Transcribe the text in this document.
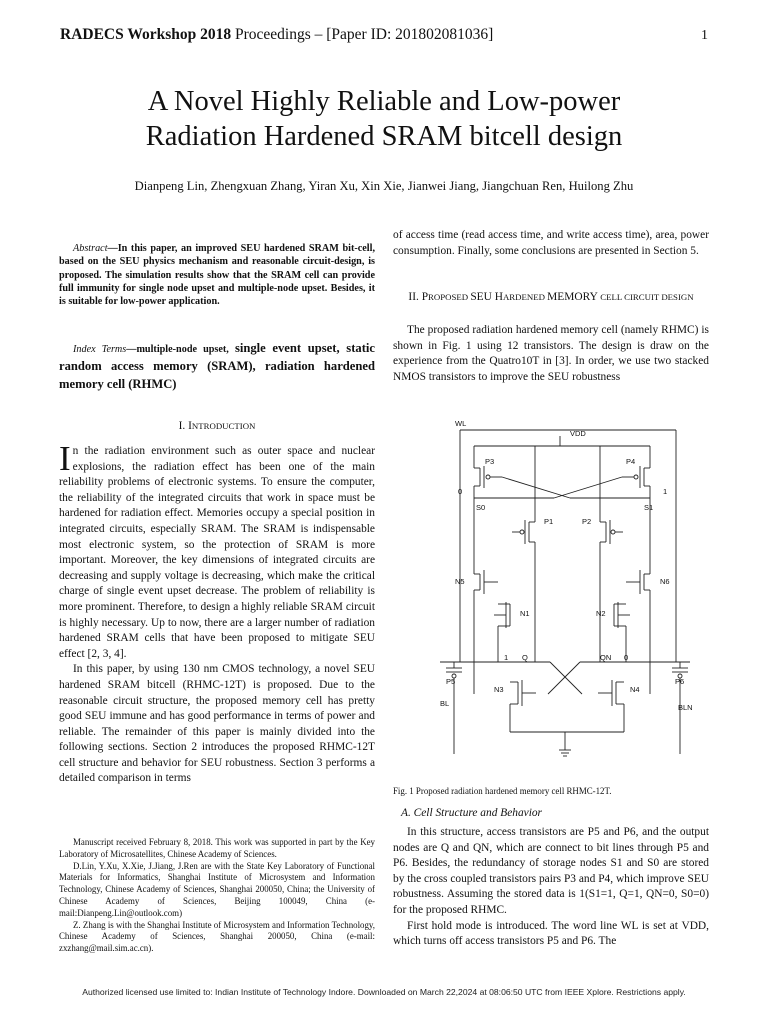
RADECS Workshop 2018 Proceedings – [Paper ID: 201802081036]	1
A Novel Highly Reliable and Low-power
Radiation Hardened SRAM bitcell design
Dianpeng Lin, Zhengxuan Zhang, Yiran Xu, Xin Xie, Jianwei Jiang, Jiangchuan Ren, Huilong Zhu
Abstract—In this paper, an improved SEU hardened SRAM bit-cell, based on the SEU physics mechanism and reasonable circuit-design, is proposed. The simulation results show that the SRAM cell can provide full immunity for single node upset and multiple-node upset. Besides, it is suitable for low-power application.
Index Terms—multiple-node upset, single event upset, static random access memory (SRAM), radiation hardened memory cell (RHMC)
I. INTRODUCTION

In the radiation environment such as outer space and nuclear explosions, the radiation effect has been one of the main reliability problems of electronic systems. To ensure the computer, the reliability of the integrated circuits that work in space must be hardened for radiation effect. Memories occupy a special position in integrated circuits, especially SRAM. The SRAM is indispensable most electronic system, so the protection of SRAM is more important. Moreover, the key dimensions of integrated circuits are decreasing and supply voltage is decreasing, which make the critical charge of single event upset decrease. The problem of reliability is more prominent. Therefore, to design a highly reliable SRAM circuit is highly necessary. Up to now, there are a larger number of radiation hardened SRAM cells that have been proposed to mitigate SEU effect [2, 3, 4].

In this paper, by using 130 nm CMOS technology, a novel SEU hardened SRAM bitcell (RHMC-12T) is proposed. Due to the reasonable circuit structure, the proposed memory cell has pretty good SEU immune and has good performance in terms of power and reliable. The remainder of this paper is mainly divided into the following sections. Section 2 introduces the proposed RHMC-12T cell structure and behavior for SEU robustness. Section 3 performs a detailed comparison in terms

Manuscript received February 8, 2018. This work was supported in part by the Key Laboratory of Microsatellites, Chinese Academy of Sciences.

D.Lin, Y.Xu, X.Xie, J.Jiang, J.Ren are with the State Key Laboratory of Functional Materials for Informatics, Shanghai Institute of Microsystem and Information Technology, Chinese Academy of Sciences, Shanghai 200050, China; the University of Chinese Academy of Sciences, Beijing 100049, China (e-mail:Dianpeng.Lin@outlook.com)

Z. Zhang is with the Shanghai Institute of Microsystem and Information Technology, Chinese Academy of Sciences, Shanghai 200050, China (e-mail: zxzhang@mail.sim.ac.cn).

of access time (read access time, and write access time), area, power consumption. Finally, some conclusions are presented in Section 5.
II. PROPOSED SEU HARDENED MEMORY CELL CIRCUIT DESIGN
The proposed radiation hardened memory cell (namely RHMC) is shown in Fig. 1 using 12 transistors. The design is draw on the experience from the Quatro10T in [3]. In order, we use two stacked NMOS transistors to improve the SEU robustness
WL
VDD
P3	P4
0	1
S0	S1
P1	P2
N5	N6
N1	N2
1 Q	QN 0
P5	P6
N3	N4
BL	BLN
Fig. 1 Proposed radiation hardened memory cell RHMC-12T.
A. Cell Structure and Behavior

In this structure, access transistors are P5 and P6, and the output nodes are Q and QN, which are connect to bit lines through P5 and P6. Besides, the redundancy of storage nodes S1 and S0 are stored by the cross coupled transistors pairs P3 and P4, which improve SEU robustness. Assuming the stored data is 1(S1=1, Q=1, QN=0, S0=0) for the proposed RHMC.

First hold mode is introduced. The word line WL is set at VDD, which turns off access transistors P5 and P6. The

Authorized licensed use limited to: Indian Institute of Technology Indore. Downloaded on March 22,2024 at 08:06:50 UTC from IEEE Xplore. Restrictions apply.
